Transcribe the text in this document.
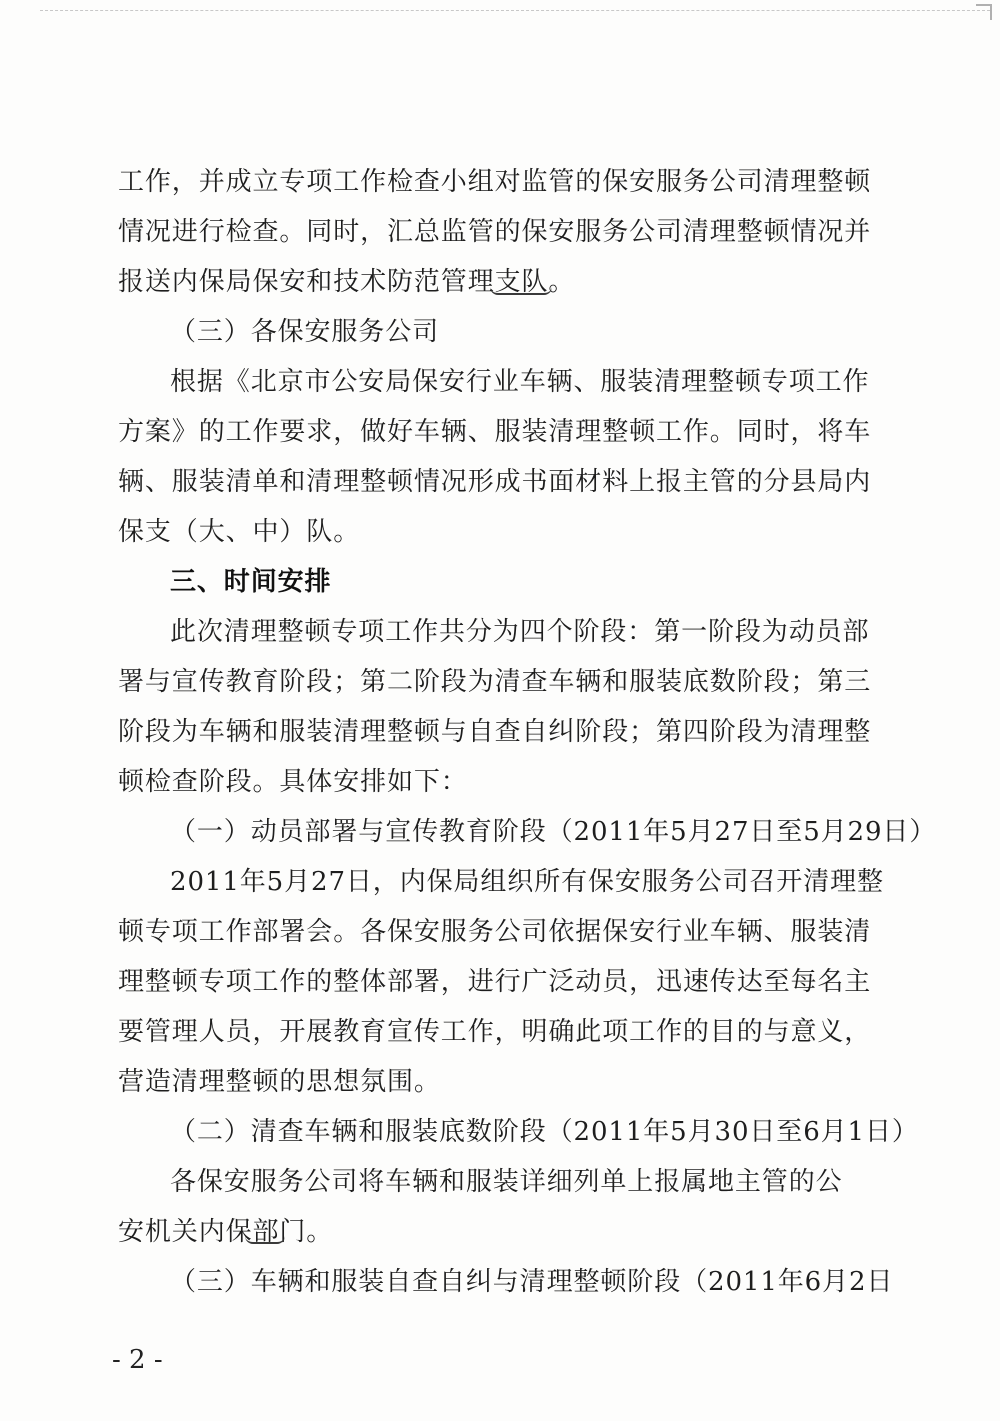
工作，并成立专项工作检查小组对监管的保安服务公司清理整顿
情况进行检查。同时，汇总监管的保安服务公司清理整顿情况并
报送内保局保安和技术防范管理支队。
（三）各保安服务公司
根据《北京市公安局保安行业车辆、服装清理整顿专项工作
方案》的工作要求，做好车辆、服装清理整顿工作。同时，将车
辆、服装清单和清理整顿情况形成书面材料上报主管的分县局内
保支（大、中）队。
三、时间安排
此次清理整顿专项工作共分为四个阶段：第一阶段为动员部
署与宣传教育阶段；第二阶段为清查车辆和服装底数阶段；第三
阶段为车辆和服装清理整顿与自查自纠阶段；第四阶段为清理整
顿检查阶段。具体安排如下：
（一）动员部署与宣传教育阶段（2011年5月27日至5月29日）
2011年5月27日，内保局组织所有保安服务公司召开清理整
顿专项工作部署会。各保安服务公司依据保安行业车辆、服装清
理整顿专项工作的整体部署，进行广泛动员，迅速传达至每名主
要管理人员，开展教育宣传工作，明确此项工作的目的与意义，
营造清理整顿的思想氛围。
（二）清查车辆和服装底数阶段（2011年5月30日至6月1日）
各保安服务公司将车辆和服装详细列单上报属地主管的公
安机关内保部门。
（三）车辆和服装自查自纠与清理整顿阶段（2011年6月2日
- 2 -
